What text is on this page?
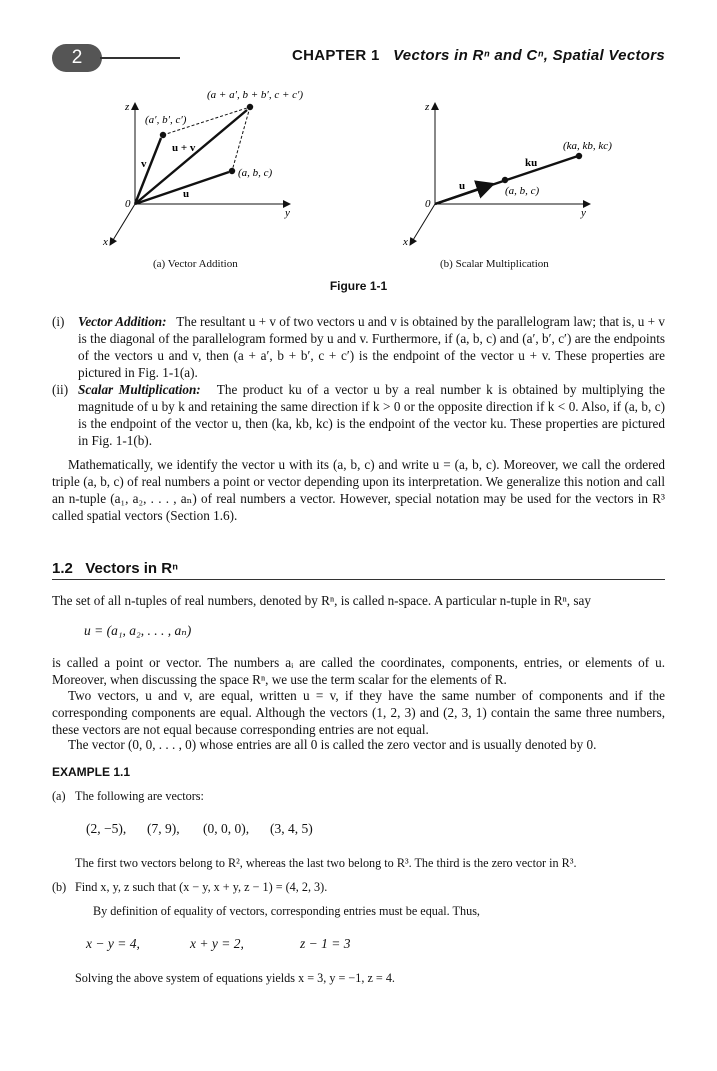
2	CHAPTER 1 Vectors in Rⁿ and Cⁿ, Spatial Vectors
z
y
x
0
(a + a′, b + b′, c + c′)
(a′, b′, c′)
(a, b, c)
u + v
v
u
(a) Vector Addition
z
y
x
0
(ka, kb, kc)
ku
u	(a, b, c)
(b) Scalar Multiplication
Figure 1-1
(i) Vector Addition: The resultant u + v of two vectors u and v is obtained by the parallelogram law; that is, u + v is the diagonal of the parallelogram formed by u and v. Furthermore, if (a, b, c) and (a′, b′, c′) are the endpoints of the vectors u and v, then (a + a′, b + b′, c + c′) is the endpoint of the vector u + v. These properties are pictured in Fig. 1-1(a).
(ii) Scalar Multiplication: The product ku of a vector u by a real number k is obtained by multiplying the magnitude of u by k and retaining the same direction if k > 0 or the opposite direction if k < 0. Also, if (a, b, c) is the endpoint of the vector u, then (ka, kb, kc) is the endpoint of the vector ku. These properties are pictured in Fig. 1-1(b).
Mathematically, we identify the vector u with its (a, b, c) and write u = (a, b, c). Moreover, we call the ordered triple (a, b, c) of real numbers a point or vector depending upon its interpretation. We generalize this notion and call an n-tuple (a₁, a₂, . . . , aₙ) of real numbers a vector. However, special notation may be used for the vectors in R³ called spatial vectors (Section 1.6).
1.2 Vectors in Rⁿ
The set of all n-tuples of real numbers, denoted by Rⁿ, is called n-space. A particular n-tuple in Rⁿ, say
u = (a₁, a₂, . . . , aₙ)
is called a point or vector. The numbers aᵢ are called the coordinates, components, entries, or elements of u. Moreover, when discussing the space Rⁿ, we use the term scalar for the elements of R.
Two vectors, u and v, are equal, written u = v, if they have the same number of components and if the corresponding components are equal. Although the vectors (1, 2, 3) and (2, 3, 1) contain the same three numbers, these vectors are not equal because corresponding entries are not equal.
The vector (0, 0, . . . , 0) whose entries are all 0 is called the zero vector and is usually denoted by 0.
EXAMPLE 1.1
(a) The following are vectors:
(2, −5), (7, 9), (0, 0, 0), (3, 4, 5)
The first two vectors belong to R², whereas the last two belong to R³. The third is the zero vector in R³.
(b) Find x, y, z such that (x − y, x + y, z − 1) = (4, 2, 3).
By definition of equality of vectors, corresponding entries must be equal. Thus,
x − y = 4,	x + y = 2,	z − 1 = 3
Solving the above system of equations yields x = 3, y = −1, z = 4.
